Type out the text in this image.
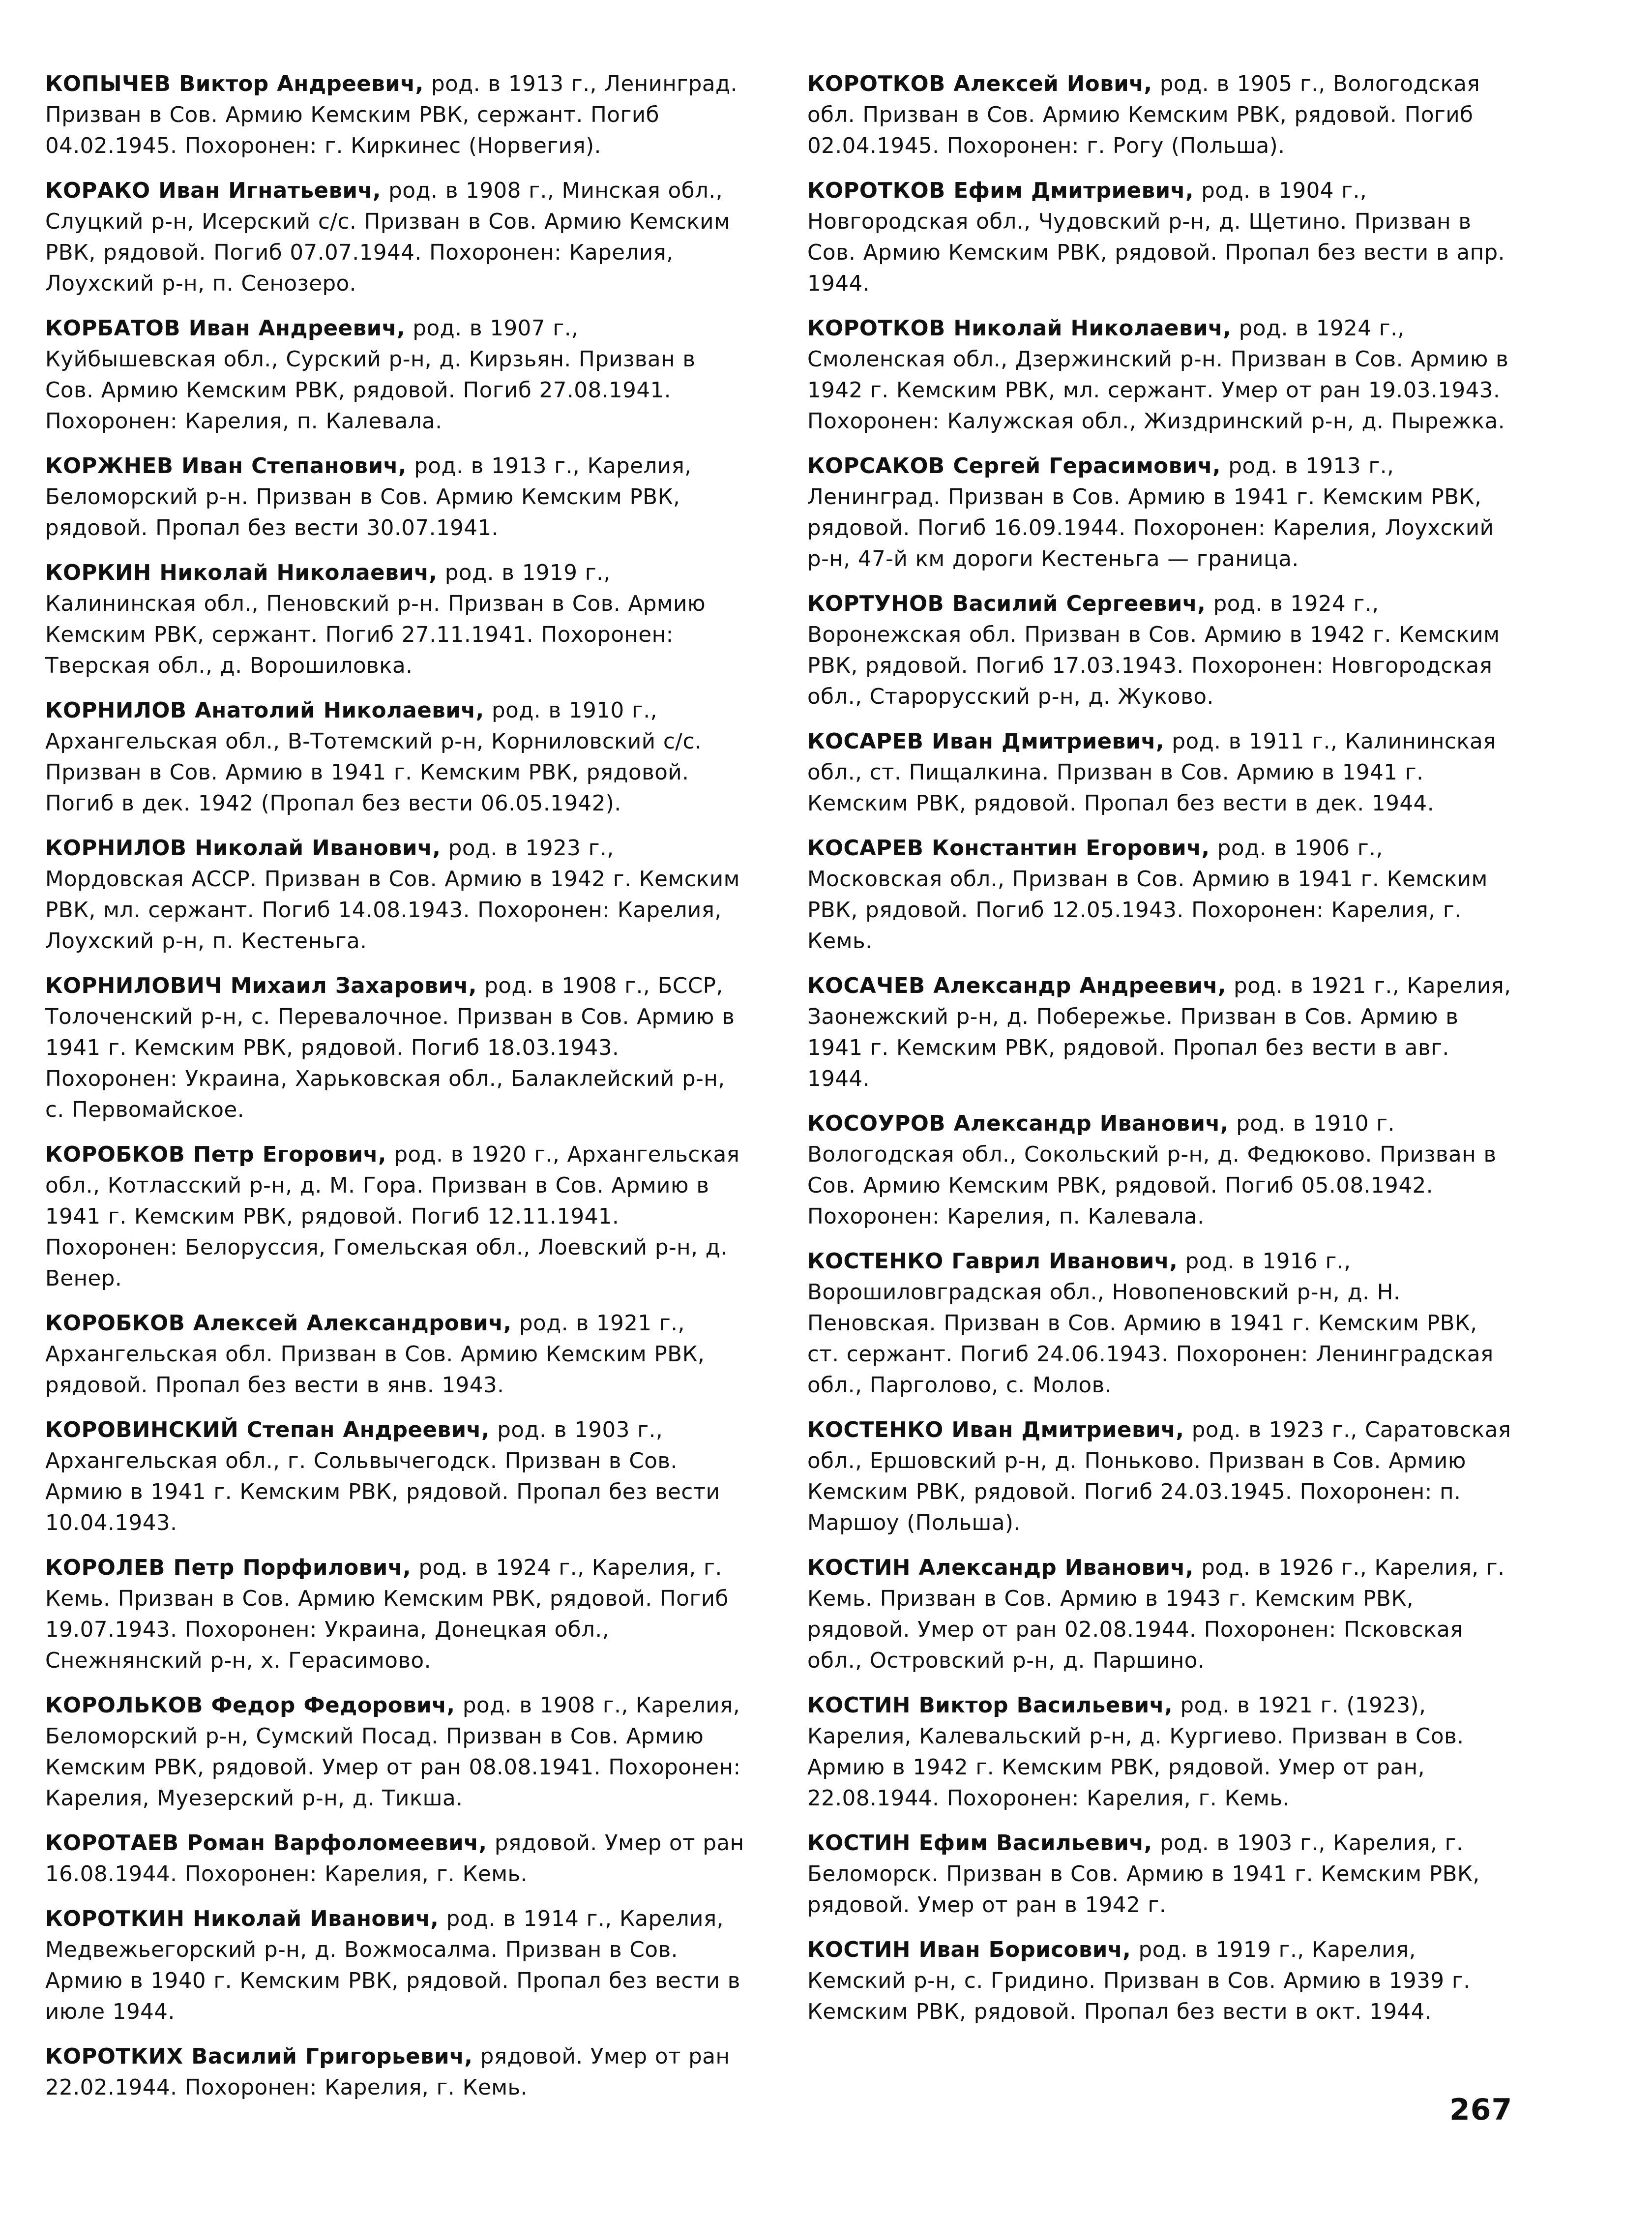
КОПЫЧЕВ Виктор Андреевич, род. в 1913 г., Ленинград. Призван в Сов. Армию Кемским РВК, сержант. Погиб 04.02.1945. Похоронен: г. Киркинес (Норвегия).

КОРАКО Иван Игнатьевич, род. в 1908 г., Минская обл., Слуцкий р-н, Исерский с/с. Призван в Сов. Армию Кемским РВК, рядовой. Погиб 07.07.1944. Похоронен: Карелия, Лоухский р-н, п. Сенозеро.

КОРБАТОВ Иван Андреевич, род. в 1907 г., Куйбышевская обл., Сурский р-н, д. Кирзьян. Призван в Сов. Армию Кемским РВК, рядовой. Погиб 27.08.1941. Похоронен: Карелия, п. Калевала.

КОРЖНЕВ Иван Степанович, род. в 1913 г., Карелия, Беломорский р-н. Призван в Сов. Армию Кемским РВК, рядовой. Пропал без вести 30.07.1941.

КОРКИН Николай Николаевич, род. в 1919 г., Калининская обл., Пеновский р-н. Призван в Сов. Армию Кемским РВК, сержант. Погиб 27.11.1941. Похоронен: Тверская обл., д. Ворошиловка.

КОРНИЛОВ Анатолий Николаевич, род. в 1910 г., Архангельская обл., В-Тотемский р-н, Корниловский с/с. Призван в Сов. Армию в 1941 г. Кемским РВК, рядовой. Погиб в дек. 1942 (Пропал без вести 06.05.1942).

КОРНИЛОВ Николай Иванович, род. в 1923 г., Мордовская АССР. Призван в Сов. Армию в 1942 г. Кемским РВК, мл. сержант. Погиб 14.08.1943. Похоронен: Карелия, Лоухский р-н, п. Кестеньга.

КОРНИЛОВИЧ Михаил Захарович, род. в 1908 г., БССР, Толоченский р-н, с. Перевалочное. Призван в Сов. Армию в 1941 г. Кемским РВК, рядовой. Погиб 18.03.1943. Похоронен: Украина, Харьковская обл., Балаклейский р-н, с. Первомайское.

КОРОБКОВ Петр Егорович, род. в 1920 г., Архангельская обл., Котласский р-н, д. М. Гора. Призван в Сов. Армию в 1941 г. Кемским РВК, рядовой. Погиб 12.11.1941. Похоронен: Белоруссия, Гомельская обл., Лоевский р-н, д. Венер.

КОРОБКОВ Алексей Александрович, род. в 1921 г., Архангельская обл. Призван в Сов. Армию Кемским РВК, рядовой. Пропал без вести в янв. 1943.

КОРОВИНСКИЙ Степан Андреевич, род. в 1903 г., Архангельская обл., г. Сольвычегодск. Призван в Сов. Армию в 1941 г. Кемским РВК, рядовой. Пропал без вести 10.04.1943.

КОРОЛЕВ Петр Порфилович, род. в 1924 г., Карелия, г. Кемь. Призван в Сов. Армию Кемским РВК, рядовой. Погиб 19.07.1943. Похоронен: Украина, Донецкая обл., Снежнянский р-н, х. Герасимово.

КОРОЛЬКОВ Федор Федорович, род. в 1908 г., Карелия, Беломорский р-н, Сумский Посад. Призван в Сов. Армию Кемским РВК, рядовой. Умер от ран 08.08.1941. Похоронен: Карелия, Муезерский р-н, д. Тикша.

КОРОТАЕВ Роман Варфоломеевич, рядовой. Умер от ран 16.08.1944. Похоронен: Карелия, г. Кемь.

КОРОТКИН Николай Иванович, род. в 1914 г., Карелия, Медвежьегорский р-н, д. Вожмосалма. Призван в Сов. Армию в 1940 г. Кемским РВК, рядовой. Пропал без вести в июле 1944.

КОРОТКИХ Василий Григорьевич, рядовой. Умер от ран 22.02.1944. Похоронен: Карелия, г. Кемь.

КОРОТКОВ Алексей Иович, род. в 1905 г., Вологодская обл. Призван в Сов. Армию Кемским РВК, рядовой. Погиб 02.04.1945. Похоронен: г. Рогу (Польша).

КОРОТКОВ Ефим Дмитриевич, род. в 1904 г., Новгородская обл., Чудовский р-н, д. Щетино. Призван в Сов. Армию Кемским РВК, рядовой. Пропал без вести в апр. 1944.

КОРОТКОВ Николай Николаевич, род. в 1924 г., Смоленская обл., Дзержинский р-н. Призван в Сов. Армию в 1942 г. Кемским РВК, мл. сержант. Умер от ран 19.03.1943. Похоронен: Калужская обл., Жиздринский р-н, д. Пырежка.

КОРСАКОВ Сергей Герасимович, род. в 1913 г., Ленинград. Призван в Сов. Армию в 1941 г. Кемским РВК, рядовой. Погиб 16.09.1944. Похоронен: Карелия, Лоухский р-н, 47-й км дороги Кестеньга — граница.

КОРТУНОВ Василий Сергеевич, род. в 1924 г., Воронежская обл. Призван в Сов. Армию в 1942 г. Кемским РВК, рядовой. Погиб 17.03.1943. Похоронен: Новгородская обл., Старорусский р-н, д. Жуково.

КОСАРЕВ Иван Дмитриевич, род. в 1911 г., Калининская обл., ст. Пищалкина. Призван в Сов. Армию в 1941 г. Кемским РВК, рядовой. Пропал без вести в дек. 1944.

КОСАРЕВ Константин Егорович, род. в 1906 г., Московская обл., Призван в Сов. Армию в 1941 г. Кемским РВК, рядовой. Погиб 12.05.1943. Похоронен: Карелия, г. Кемь.

КОСАЧЕВ Александр Андреевич, род. в 1921 г., Карелия, Заонежский р-н, д. Побережье. Призван в Сов. Армию в 1941 г. Кемским РВК, рядовой. Пропал без вести в авг. 1944.

КОСОУРОВ Александр Иванович, род. в 1910 г. Вологодская обл., Сокольский р-н, д. Федюково. Призван в Сов. Армию Кемским РВК, рядовой. Погиб 05.08.1942. Похоронен: Карелия, п. Калевала.

КОСТЕНКО Гаврил Иванович, род. в 1916 г., Ворошиловградская обл., Новопеновский р-н, д. Н. Пеновская. Призван в Сов. Армию в 1941 г. Кемским РВК, ст. сержант. Погиб 24.06.1943. Похоронен: Ленинградская обл., Парголово, с. Молов.

КОСТЕНКО Иван Дмитриевич, род. в 1923 г., Саратовская обл., Ершовский р-н, д. Поньково. Призван в Сов. Армию Кемским РВК, рядовой. Погиб 24.03.1945. Похоронен: п. Маршоу (Польша).

КОСТИН Александр Иванович, род. в 1926 г., Карелия, г. Кемь. Призван в Сов. Армию в 1943 г. Кемским РВК, рядовой. Умер от ран 02.08.1944. Похоронен: Псковская обл., Островский р-н, д. Паршино.

КОСТИН Виктор Васильевич, род. в 1921 г. (1923), Карелия, Калевальский р-н, д. Кургиево. Призван в Сов. Армию в 1942 г. Кемским РВК, рядовой. Умер от ран, 22.08.1944. Похоронен: Карелия, г. Кемь.

КОСТИН Ефим Васильевич, род. в 1903 г., Карелия, г. Беломорск. Призван в Сов. Армию в 1941 г. Кемским РВК, рядовой. Умер от ран в 1942 г.

КОСТИН Иван Борисович, род. в 1919 г., Карелия, Кемский р-н, с. Гридино. Призван в Сов. Армию в 1939 г. Кемским РВК, рядовой. Пропал без вести в окт. 1944.

267
